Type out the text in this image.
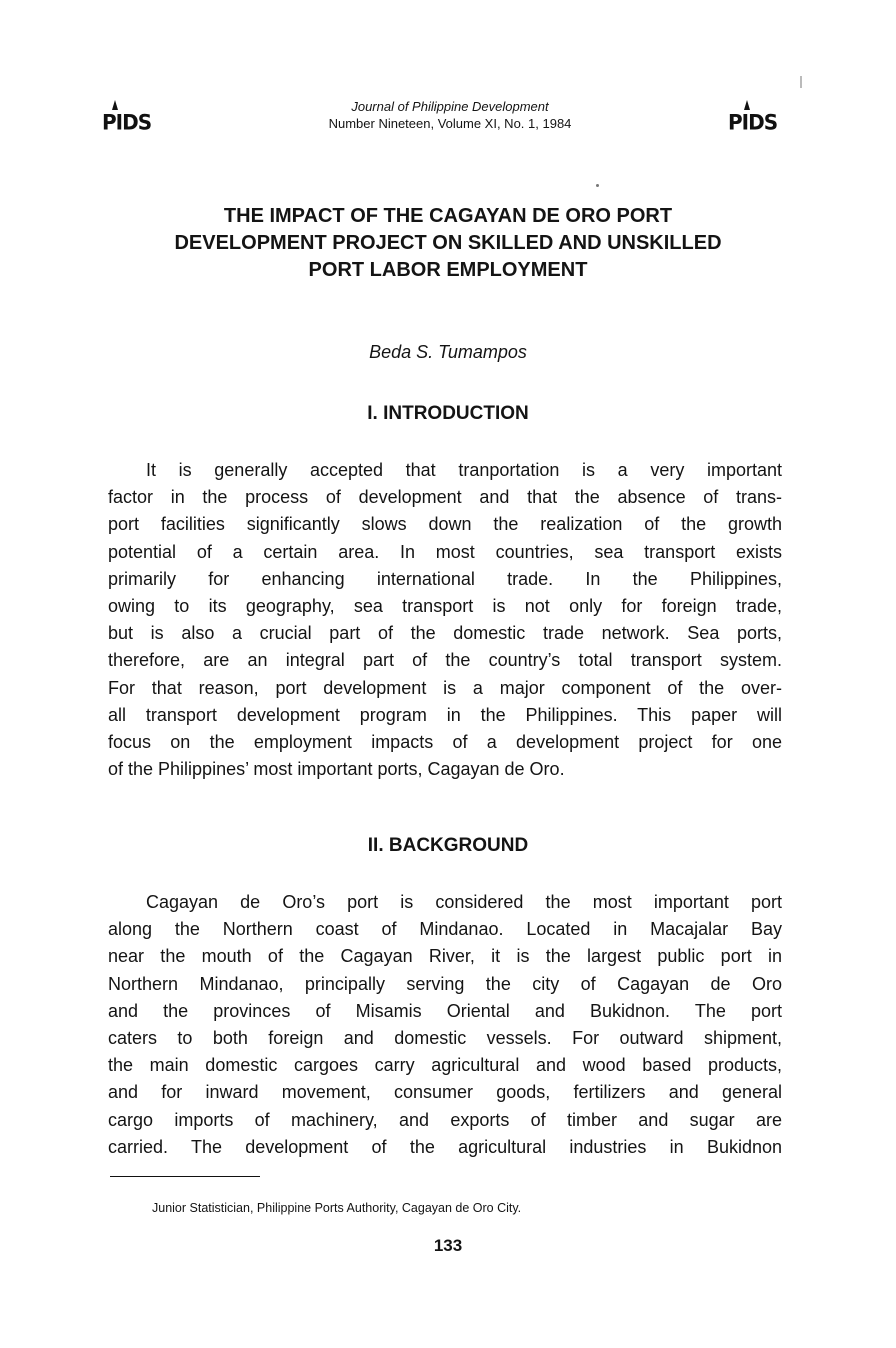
PIDS
Journal of Philippine Development
Number Nineteen, Volume XI, No. 1, 1984	PIDS
THE IMPACT OF THE CAGAYAN DE ORO PORT
DEVELOPMENT PROJECT ON SKILLED AND UNSKILLED
PORT LABOR EMPLOYMENT
Beda S. Tumampos
I. INTRODUCTION
It is generally accepted that tranportation is a very important
factor in the process of development and that the absence of trans-
port facilities significantly slows down the realization of the growth
potential of a certain area. In most countries, sea transport exists
primarily for enhancing international trade. In the Philippines,
owing to its geography, sea transport is not only for foreign trade,
but is also a crucial part of the domestic trade network. Sea ports,
therefore, are an integral part of the country’s total transport system.
For that reason, port development is a major component of the over-
all transport development program in the Philippines. This paper will
focus on the employment impacts of a development project for one
of the Philippines’ most important ports, Cagayan de Oro.
II. BACKGROUND
Cagayan de Oro’s port is considered the most important port
along the Northern coast of Mindanao. Located in Macajalar Bay
near the mouth of the Cagayan River, it is the largest public port in
Northern Mindanao, principally serving the city of Cagayan de Oro
and the provinces of Misamis Oriental and Bukidnon. The port
caters to both foreign and domestic vessels. For outward shipment,
the main domestic cargoes carry agricultural and wood based products,
and for inward movement, consumer goods, fertilizers and general
cargo imports of machinery, and exports of timber and sugar are
carried. The development of the agricultural industries in Bukidnon
Junior Statistician, Philippine Ports Authority, Cagayan de Oro City.
133
